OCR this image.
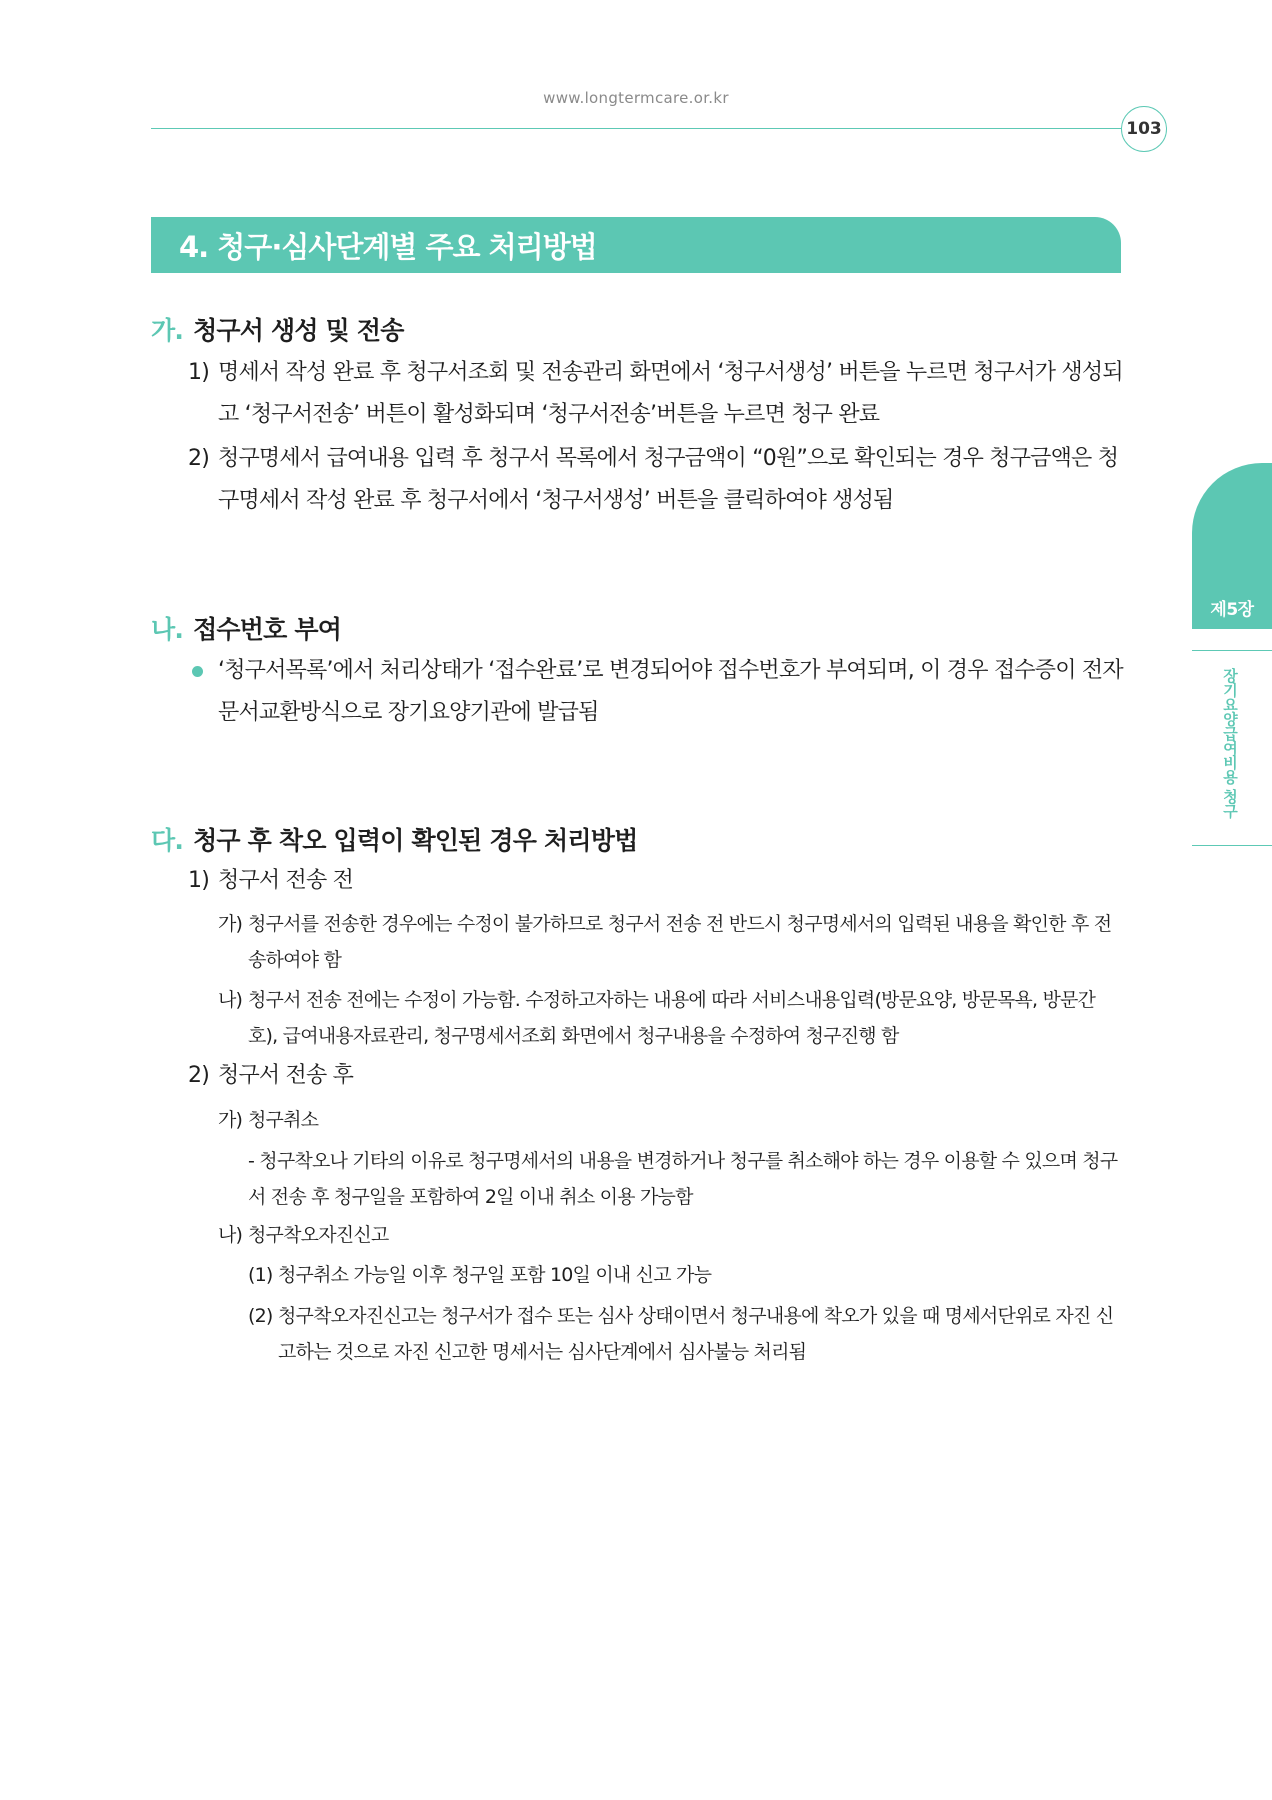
www.longtermcare.or.kr
103
제5장
장기요양급여비용 청구
4. 청구·심사단계별 주요 처리방법
가. 청구서 생성 및 전송
1) 명세서 작성 완료 후 청구서조회 및 전송관리 화면에서 ‘청구서생성’ 버튼을 누르면 청구서가 생성되고 ‘청구서전송’ 버튼이 활성화되며 ‘청구서전송’버튼을 누르면 청구 완료
2) 청구명세서 급여내용 입력 후 청구서 목록에서 청구금액이 “0원”으로 확인되는 경우 청구금액은 청구명세서 작성 완료 후 청구서에서 ‘청구서생성’ 버튼을 클릭하여야 생성됨
나. 접수번호 부여
‘청구서목록’에서 처리상태가 ‘접수완료’로 변경되어야 접수번호가 부여되며, 이 경우 접수증이 전자문서교환방식으로 장기요양기관에 발급됨
다. 청구 후 착오 입력이 확인된 경우 처리방법
1) 청구서 전송 전
가) 청구서를 전송한 경우에는 수정이 불가하므로 청구서 전송 전 반드시 청구명세서의 입력된 내용을 확인한 후 전송하여야 함
나) 청구서 전송 전에는 수정이 가능함. 수정하고자하는 내용에 따라 서비스내용입력(방문요양, 방문목욕, 방문간호), 급여내용자료관리, 청구명세서조회 화면에서 청구내용을 수정하여 청구진행 함
2) 청구서 전송 후
가) 청구취소
- 청구착오나 기타의 이유로 청구명세서의 내용을 변경하거나 청구를 취소해야 하는 경우 이용할 수 있으며 청구서 전송 후 청구일을 포함하여 2일 이내 취소 이용 가능함
나) 청구착오자진신고
(1) 청구취소 가능일 이후 청구일 포함 10일 이내 신고 가능
(2) 청구착오자진신고는 청구서가 접수 또는 심사 상태이면서 청구내용에 착오가 있을 때 명세서단위로 자진 신고하는 것으로 자진 신고한 명세서는 심사단계에서 심사불능 처리됨
